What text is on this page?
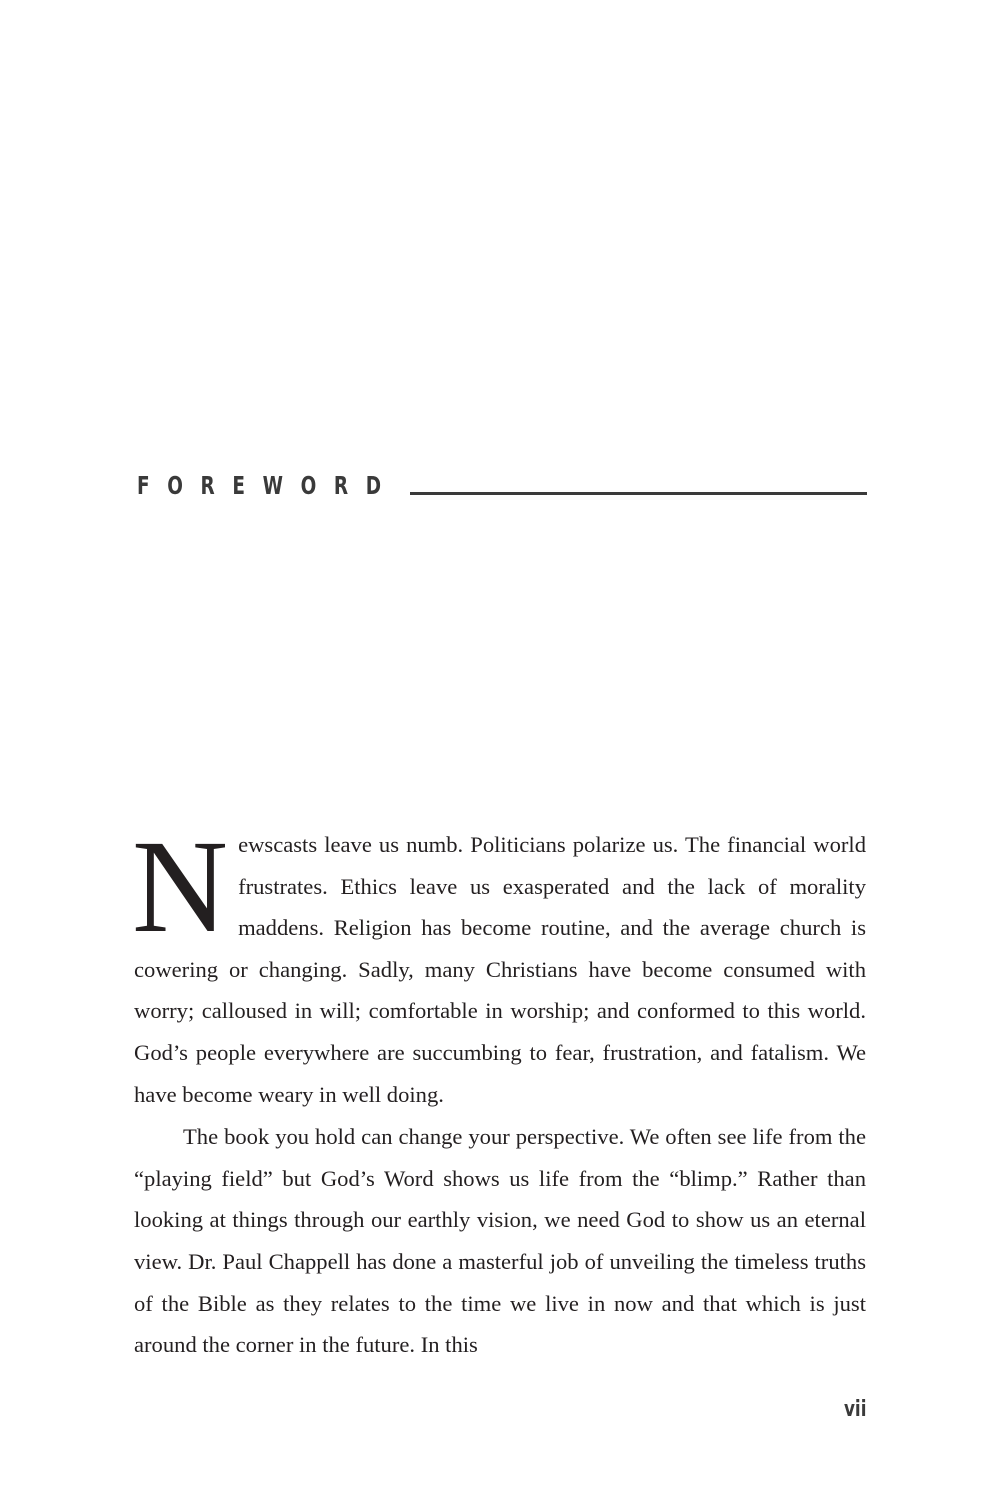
FOREWORD

Newscasts leave us numb. Politicians polarize us. The financial world frustrates. Ethics leave us exasperated and the lack of morality maddens. Religion has become routine, and the average church is cowering or changing. Sadly, many Christians have become consumed with worry; calloused in will; comfortable in worship; and conformed to this world. God’s people everywhere are succumbing to fear, frustration, and fatalism. We have become weary in well doing.

The book you hold can change your perspective. We often see life from the “playing field” but God’s Word shows us life from the “blimp.” Rather than looking at things through our earthly vision, we need God to show us an eternal view. Dr. Paul Chappell has done a masterful job of unveiling the timeless truths of the Bible as they relates to the time we live in now and that which is just around the corner in the future. In this

vii
